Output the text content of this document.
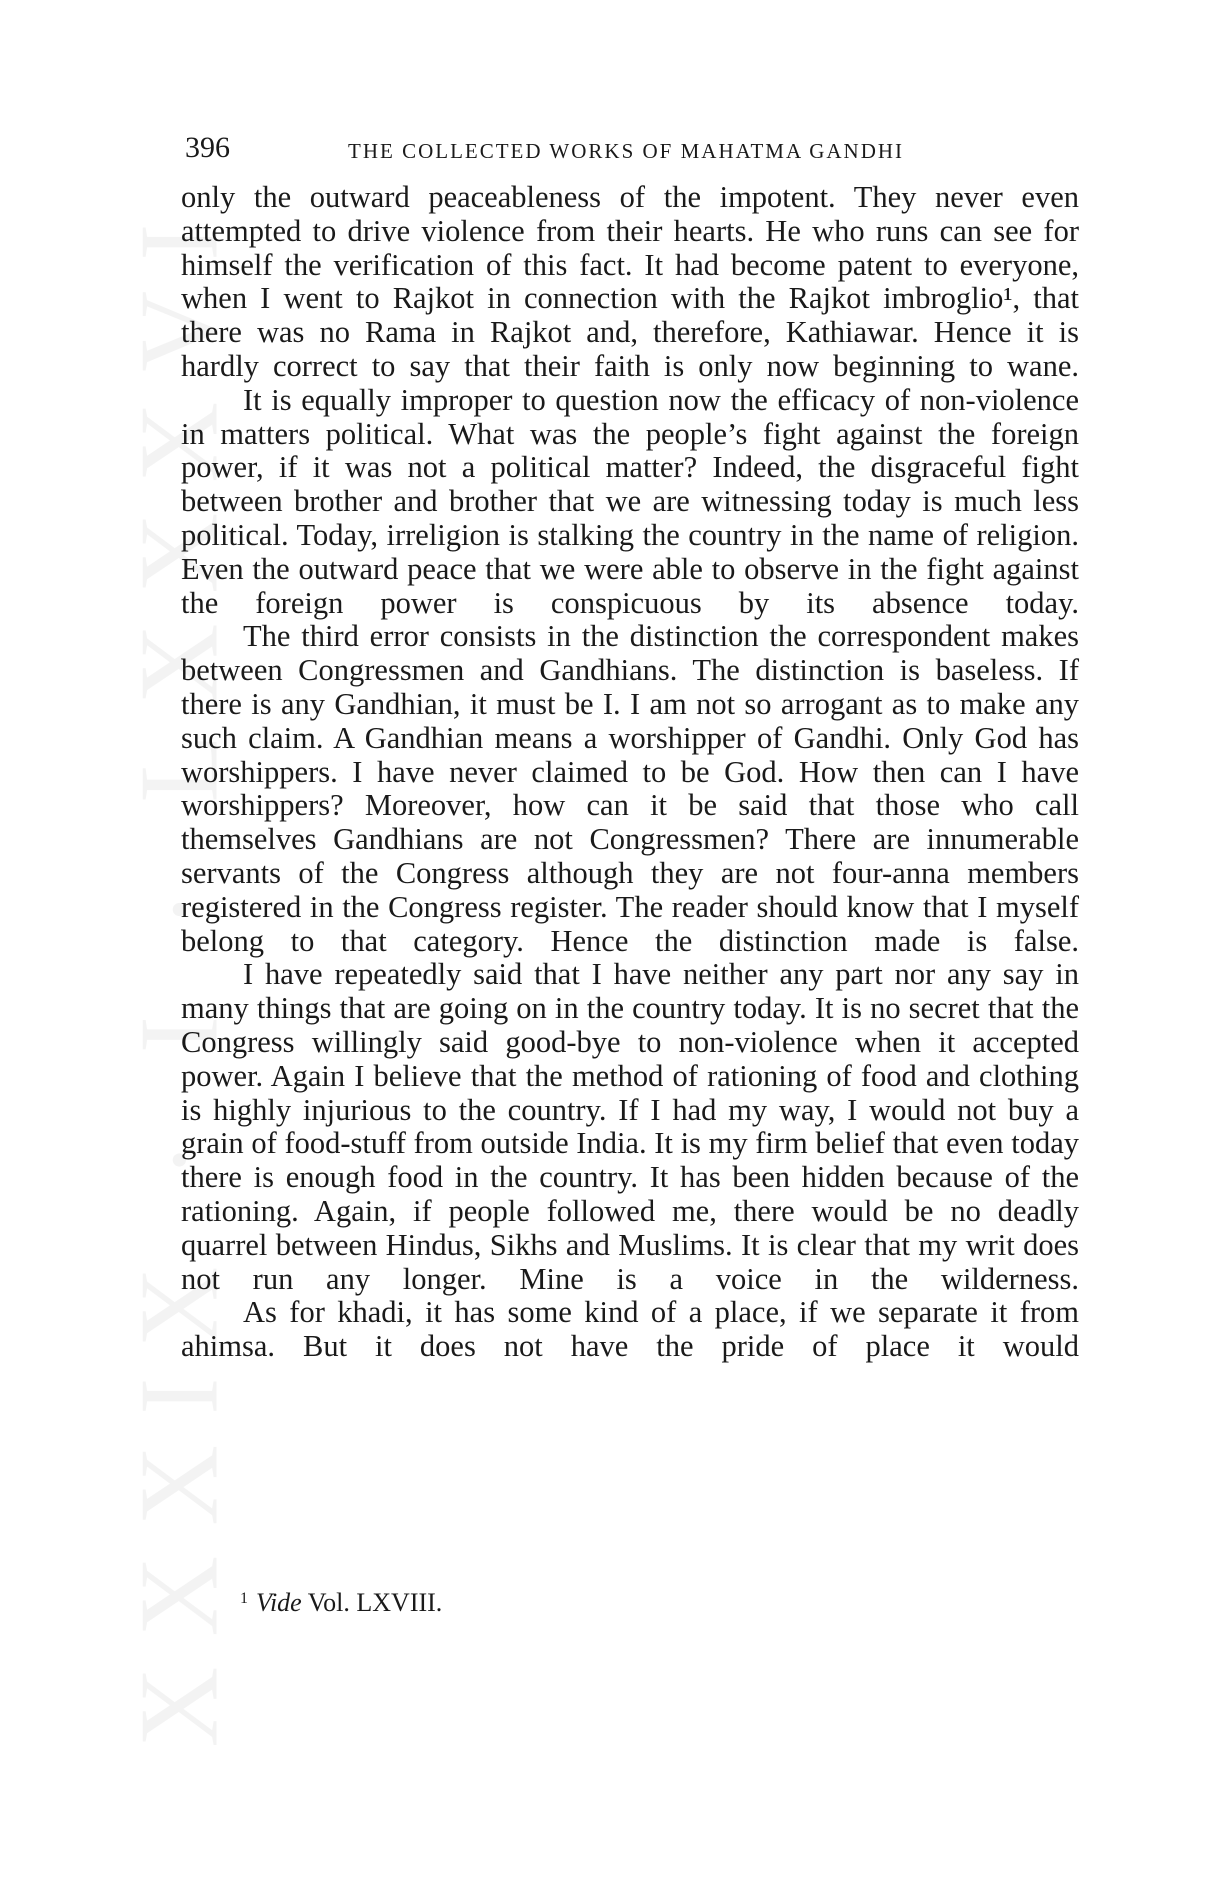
396	THE COLLECTED WORKS OF MAHATMA GANDHI

only the outward peaceableness of the impotent. They never even attempted to drive violence from their hearts. He who runs can see for himself the verification of this fact. It had become patent to everyone, when I went to Rajkot in connection with the Rajkot imbroglio¹, that there was no Rama in Rajkot and, therefore, Kathiawar. Hence it is hardly correct to say that their faith is only now beginning to wane.

It is equally improper to question now the efficacy of non-violence in matters political. What was the people’s fight against the foreign power, if it was not a political matter? Indeed, the disgraceful fight between brother and brother that we are witnessing today is much less political. Today, irreligion is stalking the country in the name of religion. Even the outward peace that we were able to observe in the fight against the foreign power is conspicuous by its absence today.

The third error consists in the distinction the correspondent makes between Congressmen and Gandhians. The distinction is baseless. If there is any Gandhian, it must be I. I am not so arrogant as to make any such claim. A Gandhian means a worshipper of Gandhi. Only God has worshippers. I have never claimed to be God. How then can I have worshippers? Moreover, how can it be said that those who call themselves Gandhians are not Congressmen? There are innumerable servants of the Congress although they are not four-anna members registered in the Congress register. The reader should know that I myself belong to that category. Hence the distinction made is false.

I have repeatedly said that I have neither any part nor any say in many things that are going on in the country today. It is no secret that the Congress willingly said good-bye to non-violence when it accepted power. Again I believe that the method of rationing of food and clothing is highly injurious to the country. If I had my way, I would not buy a grain of food-stuff from outside India. It is my firm belief that even today there is enough food in the country. It has been hidden because of the rationing. Again, if people followed me, there would be no deadly quarrel between Hindus, Sikhs and Muslims. It is clear that my writ does not run any longer. Mine is a voice in the wilderness.

As for khadi, it has some kind of a place, if we separate it from ahimsa. But it does not have the pride of place it would

$^1$ Vide Vol. LXVIII.
